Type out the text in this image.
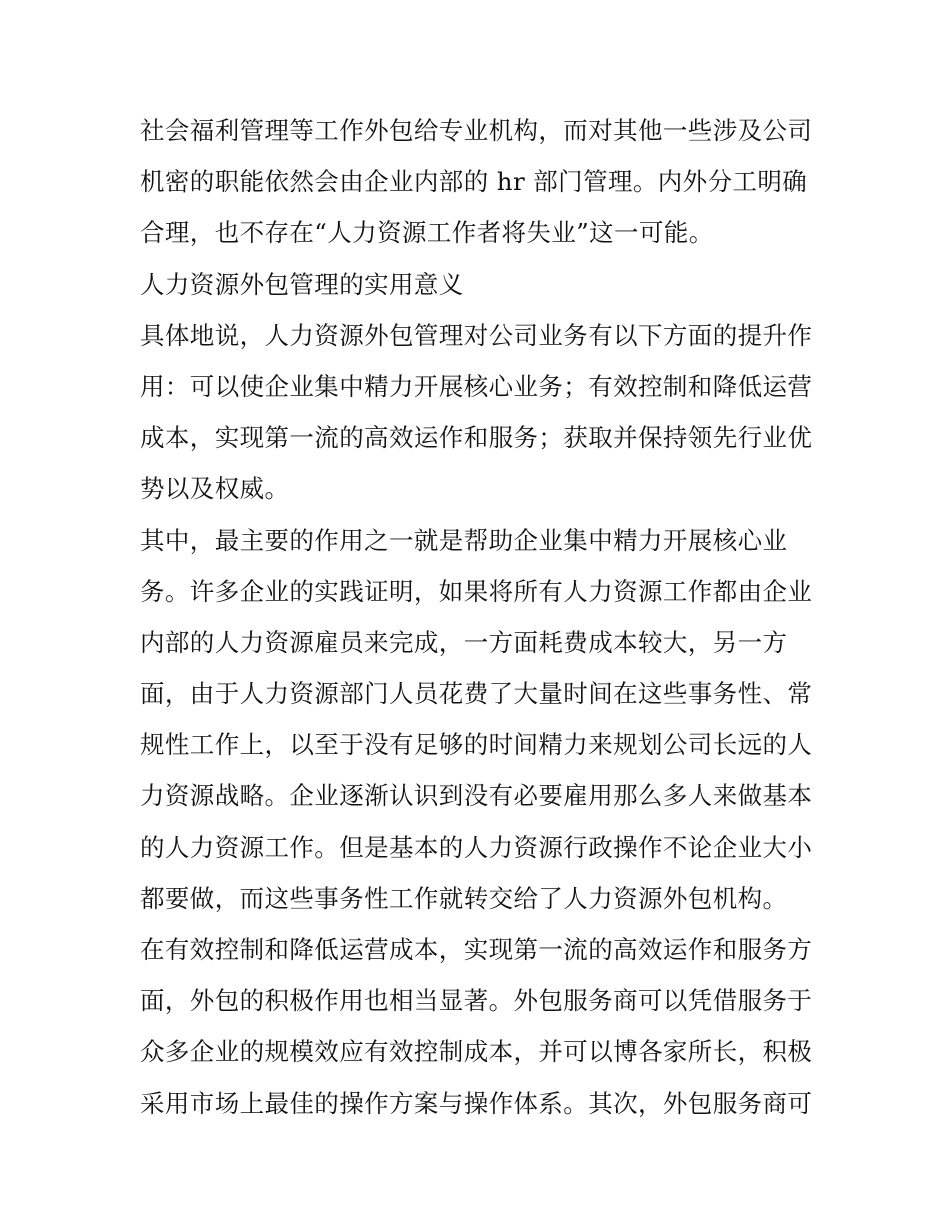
社会福利管理等工作外包给专业机构，而对其他一些涉及公司
机密的职能依然会由企业内部的 hr 部门管理。内外分工明确
合理，也不存在“人力资源工作者将失业”这一可能。
人力资源外包管理的实用意义
具体地说，人力资源外包管理对公司业务有以下方面的提升作
用：可以使企业集中精力开展核心业务；有效控制和降低运营
成本，实现第一流的高效运作和服务；获取并保持领先行业优
势以及权威。
其中，最主要的作用之一就是帮助企业集中精力开展核心业
务。许多企业的实践证明，如果将所有人力资源工作都由企业
内部的人力资源雇员来完成，一方面耗费成本较大，另一方
面，由于人力资源部门人员花费了大量时间在这些事务性、常
规性工作上，以至于没有足够的时间精力来规划公司长远的人
力资源战略。企业逐渐认识到没有必要雇用那么多人来做基本
的人力资源工作。但是基本的人力资源行政操作不论企业大小
都要做，而这些事务性工作就转交给了人力资源外包机构。
在有效控制和降低运营成本，实现第一流的高效运作和服务方
面，外包的积极作用也相当显著。外包服务商可以凭借服务于
众多企业的规模效应有效控制成本，并可以博各家所长，积极
采用市场上最佳的操作方案与操作体系。其次，外包服务商可
